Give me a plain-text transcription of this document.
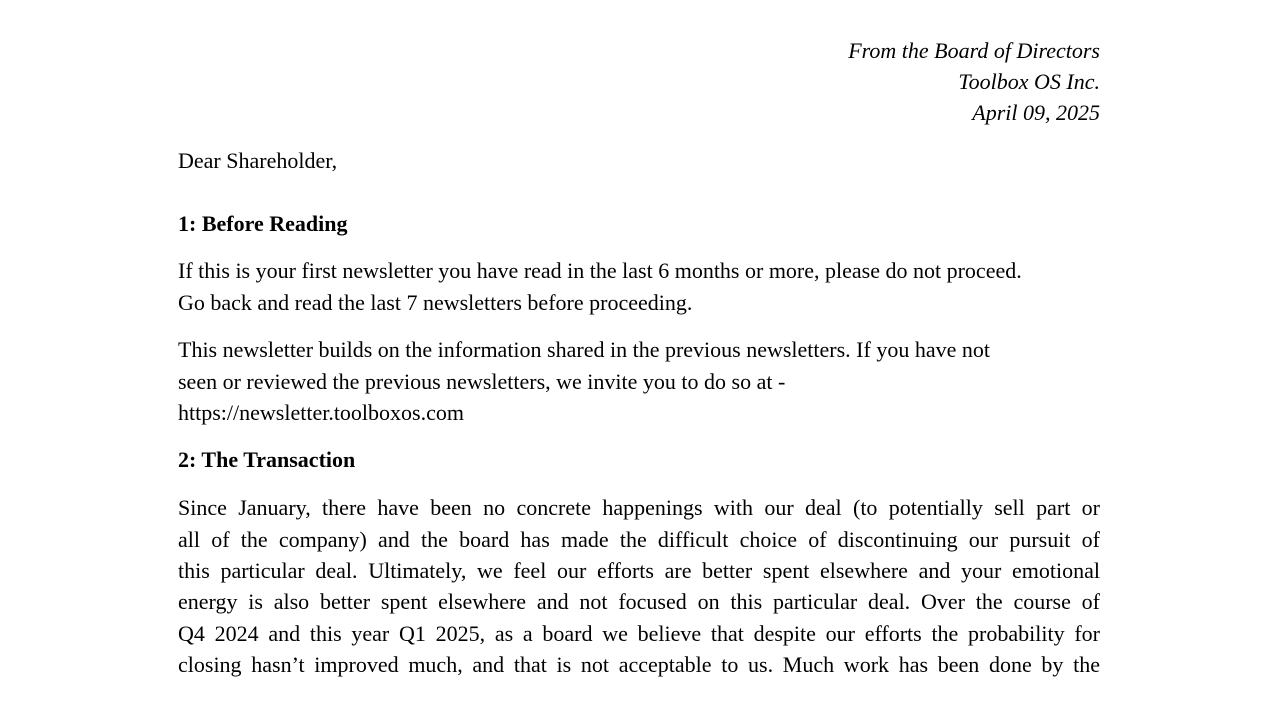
From the Board of Directors
Toolbox OS Inc.
April 09, 2025
Dear Shareholder,
1: Before Reading
If this is your first newsletter you have read in the last 6 months or more, please do not proceed.
Go back and read the last 7 newsletters before proceeding.
This newsletter builds on the information shared in the previous newsletters. If you have not
seen or reviewed the previous newsletters, we invite you to do so at -
https://newsletter.toolboxos.com
2: The Transaction
Since January, there have been no concrete happenings with our deal (to potentially sell part or
all of the company) and the board has made the difficult choice of discontinuing our pursuit of
this particular deal. Ultimately, we feel our efforts are better spent elsewhere and your emotional
energy is also better spent elsewhere and not focused on this particular deal. Over the course of
Q4 2024 and this year Q1 2025, as a board we believe that despite our efforts the probability for
closing hasn’t improved much, and that is not acceptable to us. Much work has been done by the
